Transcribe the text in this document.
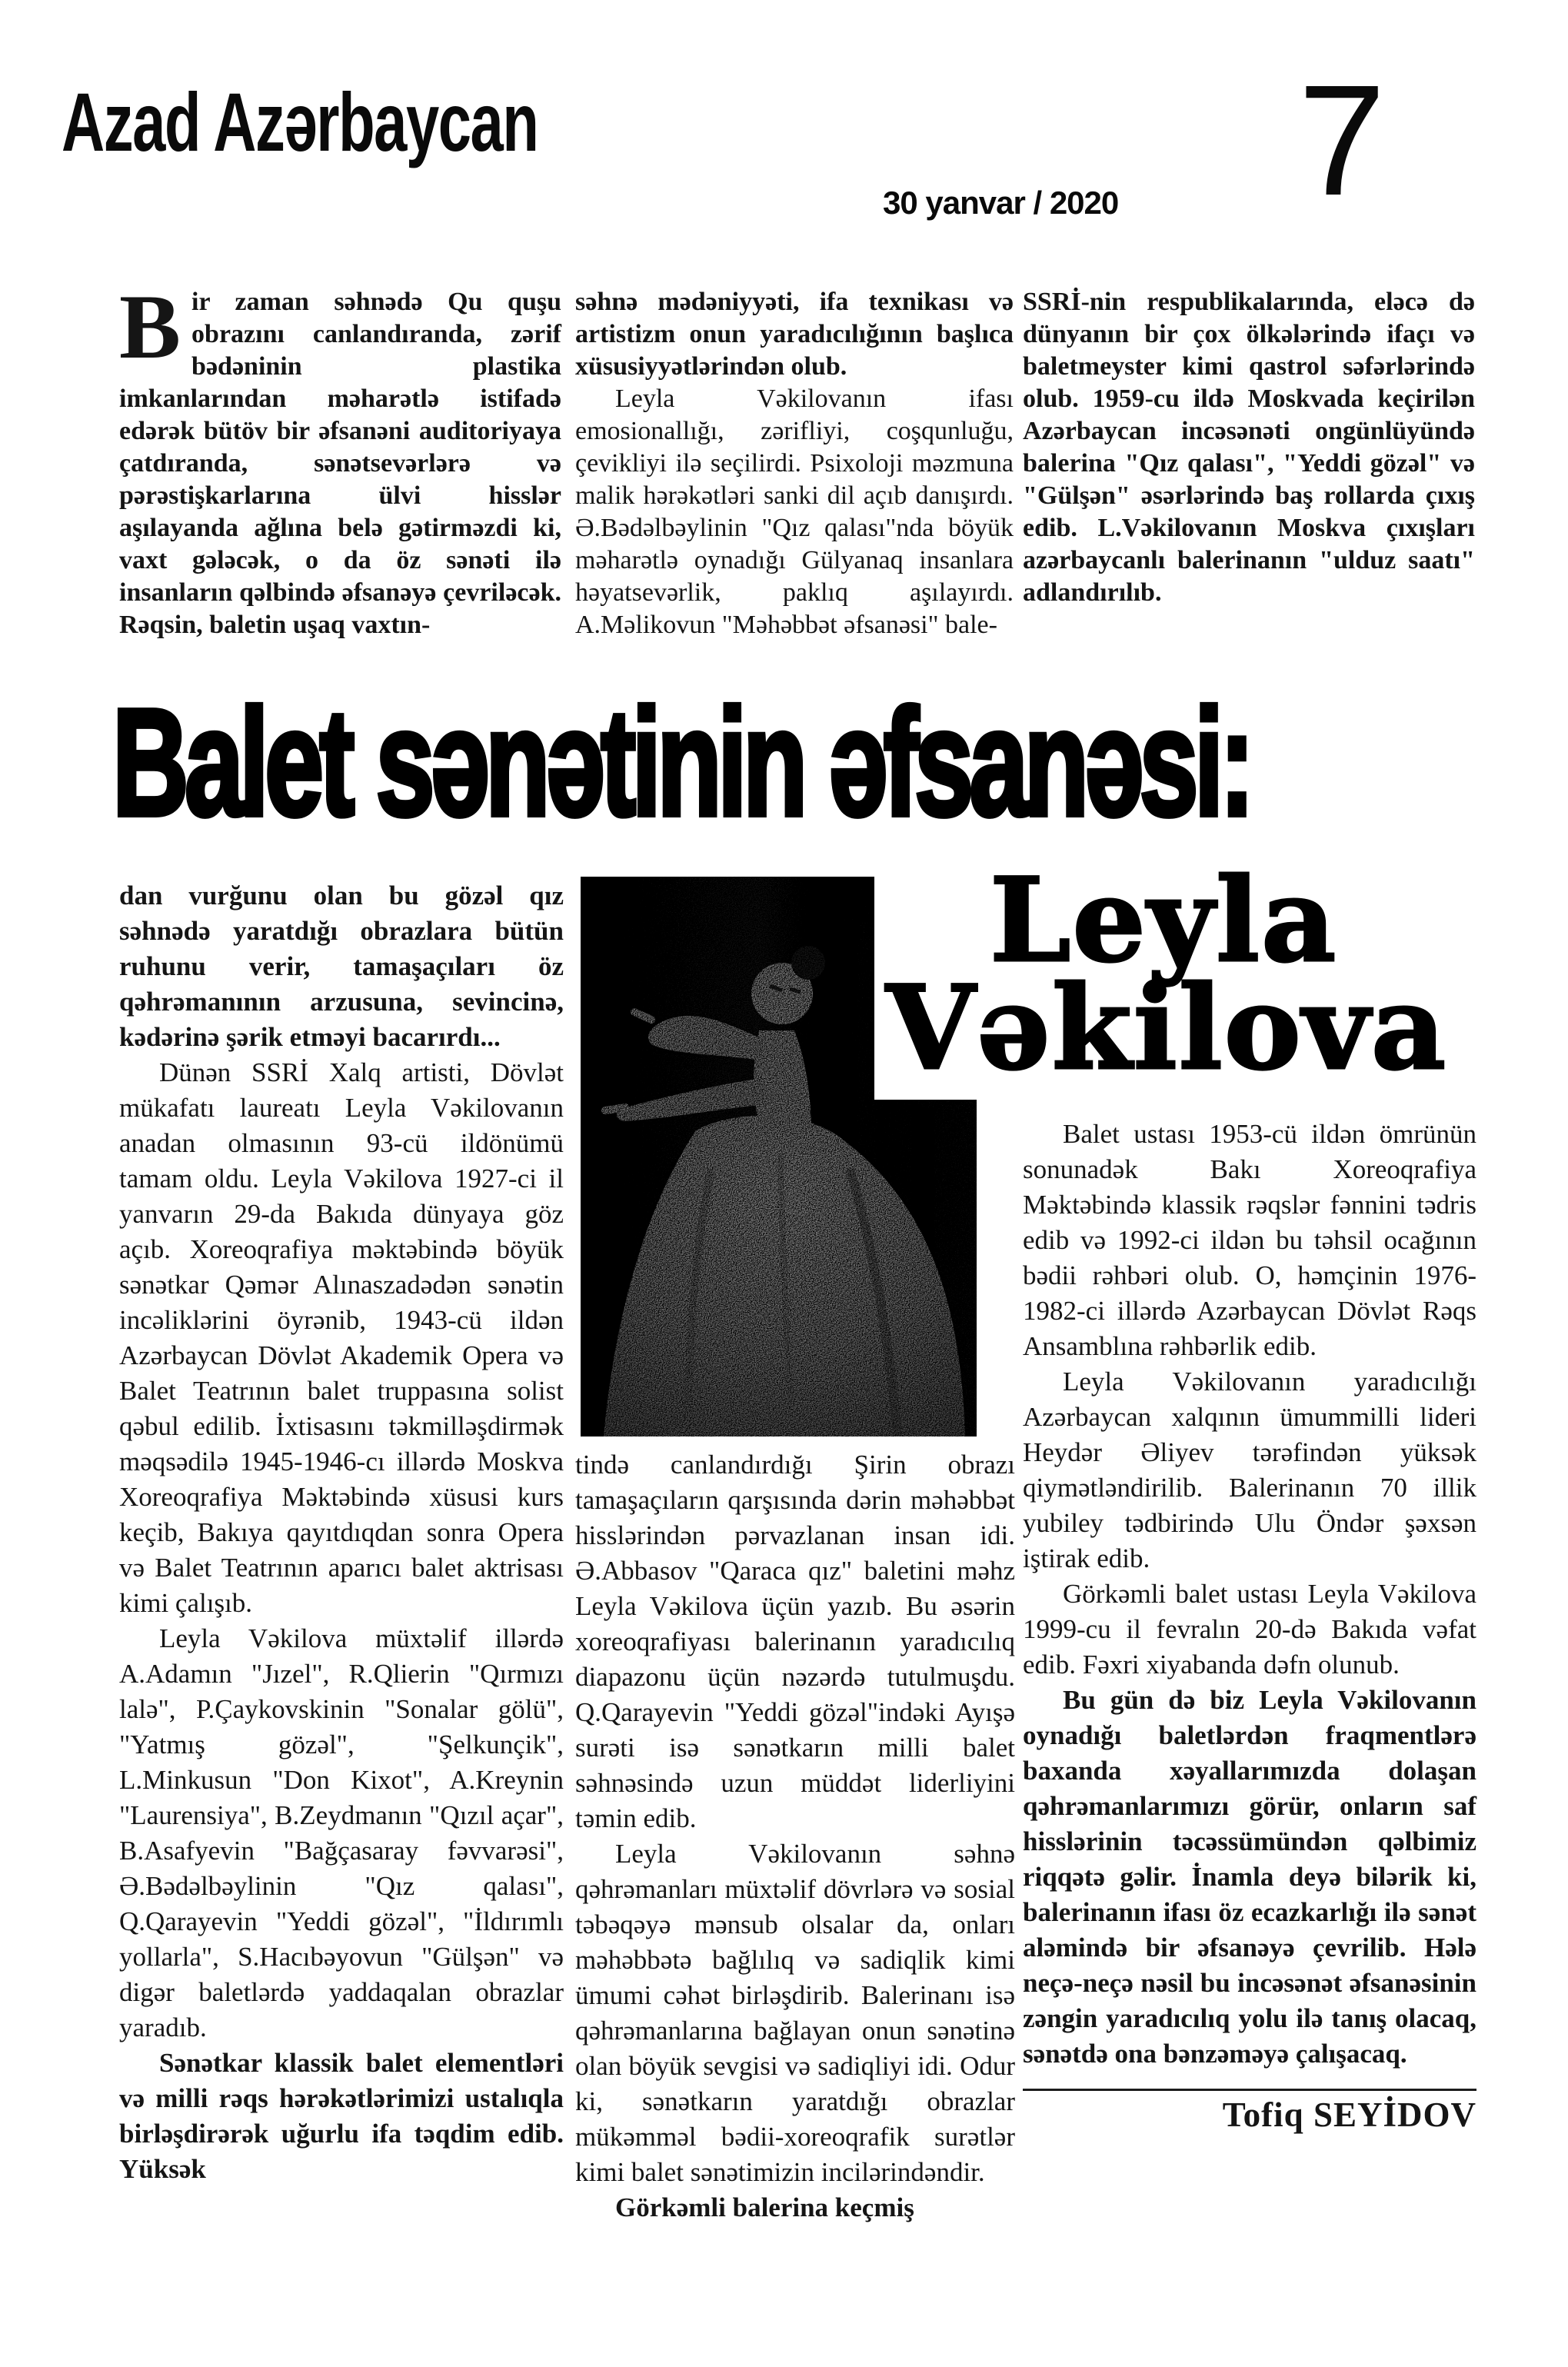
Azad Azərbaycan	7
30 yanvar / 2020
Bir zaman səhnədə Qu quşu obrazını canlandıranda, zərif bədəninin plastika imkanlarından məharətlə istifadə edərək bütöv bir əfsanəni auditoriyaya çatdıranda, sənətsevərlərə və pərəstişkarlarına ülvi hisslər aşılayanda ağlına belə gətirməzdi ki, vaxt gələcək, o da öz sənəti ilə insanların qəlbində əfsanəyə çevriləcək. Rəqsin, baletin uşaq vaxtın-
səhnə mədəniyyəti, ifa texnikası və artistizm onun yaradıcılığının başlıca xüsusiyyətlərindən olub.

Leyla Vəkilovanın ifası emosionallığı, zərifliyi, coşqunluğu, çevikliyi ilə seçilirdi. Psixoloji məzmuna malik hərəkətləri sanki dil açıb danışırdı. Ə.Bədəlbəylinin "Qız qalası"nda böyük məharətlə oynadığı Gülyanaq insanlara həyatsevərlik, paklıq aşılayırdı. A.Məlikovun "Məhəbbət əfsanəsi" bale-

SSRİ-nin respublikalarında, eləcə də dünyanın bir çox ölkələrində ifaçı və baletmeyster kimi qastrol səfərlərində olub. 1959-cu ildə Moskvada keçirilən Azərbaycan incəsənəti ongünlüyündə balerina "Qız qalası", "Yeddi gözəl" və "Gülşən" əsərlərində baş rollarda çıxış edib. L.Vəkilovanın Moskva çıxışları azərbaycanlı balerinanın "ulduz saatı" adlandırılıb.
Balet sənətinin əfsanəsi:

dan vurğunu olan bu gözəl qız səhnədə yaratdığı obrazlara bütün ruhunu verir, tamaşaçıları öz qəhrəmanının arzusuna, sevincinə, kədərinə şərik etməyi bacarırdı...

Dünən SSRİ Xalq artisti, Dövlət mükafatı laureatı Leyla Vəkilovanın anadan olmasının 93-cü ildönümü tamam oldu. Leyla Vəkilova 1927-ci il yanvarın 29-da Bakıda dünyaya göz açıb. Xoreoqrafiya məktəbində böyük sənətkar Qəmər Alınaszadədən sənətin incəliklərini öyrənib, 1943-cü ildən Azərbaycan Dövlət Akademik Opera və Balet Teatrının balet truppasına solist qəbul edilib. İxtisasını təkmilləşdirmək məqsədilə 1945-1946-cı illərdə Moskva Xoreoqrafiya Məktəbində xüsusi kurs keçib, Bakıya qayıtdıqdan sonra Opera və Balet Teatrının aparıcı balet aktrisası kimi çalışıb.

Leyla Vəkilova müxtəlif illərdə A.Adamın "Jızel", R.Qlierin "Qırmızı lalə", P.Çaykovskinin "Sonalar gölü", "Yatmış gözəl", "Şelkunçik", L.Minkusun "Don Kixot", A.Kreynin "Laurensiya", B.Zeydmanın "Qızıl açar", B.Asafyevin "Bağçasaray fəvvarəsi", Ə.Bədəlbəylinin "Qız qalası", Q.Qarayevin "Yeddi gözəl", "İldırımlı yollarla", S.Hacıbəyovun "Gülşən" və digər baletlərdə yaddaqalan obrazlar yaradıb.

Sənətkar klassik balet elementləri və milli rəqs hərəkətlərimizi ustalıqla birləşdirərək uğurlu ifa təqdim edib. Yüksək

Leyla
Vəkilova

tində canlandırdığı Şirin obrazı tamaşaçıların qarşısında dərin məhəbbət hisslərindən pərvazlanan insan idi. Ə.Abbasov "Qaraca qız" baletini məhz Leyla Vəkilova üçün yazıb. Bu əsərin xoreoqrafiyası balerinanın yaradıcılıq diapazonu üçün nəzərdə tutulmuşdu. Q.Qarayevin "Yeddi gözəl"indəki Ayışə surəti isə sənətkarın milli balet səhnəsində uzun müddət liderliyini təmin edib.

Leyla Vəkilovanın səhnə qəhrəmanları müxtəlif dövrlərə və sosial təbəqəyə mənsub olsalar da, onları məhəbbətə bağlılıq və sadiqlik kimi ümumi cəhət birləşdirib. Balerinanı isə qəhrəmanlarına bağlayan onun sənətinə olan böyük sevgisi və sadiqliyi idi. Odur ki, sənətkarın yaratdığı obrazlar mükəmməl bədii-xoreoqrafik surətlər kimi balet sənətimizin incilərindəndir.

Görkəmli balerina keçmiş

Balet ustası 1953-cü ildən ömrünün sonunadək Bakı Xoreoqrafiya Məktəbində klassik rəqslər fənnini tədris edib və 1992-ci ildən bu təhsil ocağının bədii rəhbəri olub. O, həmçinin 1976-1982-ci illərdə Azərbaycan Dövlət Rəqs Ansamblına rəhbərlik edib.

Leyla Vəkilovanın yaradıcılığı Azərbaycan xalqının ümummilli lideri Heydər Əliyev tərəfindən yüksək qiymətləndirilib. Balerinanın 70 illik yubiley tədbirində Ulu Öndər şəxsən iştirak edib.

Görkəmli balet ustası Leyla Vəkilova 1999-cu il fevralın 20-də Bakıda vəfat edib. Fəxri xiyabanda dəfn olunub.

Bu gün də biz Leyla Vəkilovanın oynadığı baletlərdən fraqmentlərə baxanda xəyallarımızda dolaşan qəhrəmanlarımızı görür, onların saf hisslərinin təcəssümündən qəlbimiz riqqətə gəlir. İnamla deyə bilərik ki, balerinanın ifası öz ecazkarlığı ilə sənət aləmində bir əfsanəyə çevrilib. Hələ neçə-neçə nəsil bu incəsənət əfsanəsinin zəngin yaradıcılıq yolu ilə tanış olacaq, sənətdə ona bənzəməyə çalışacaq.

Tofiq SEYİDOV
